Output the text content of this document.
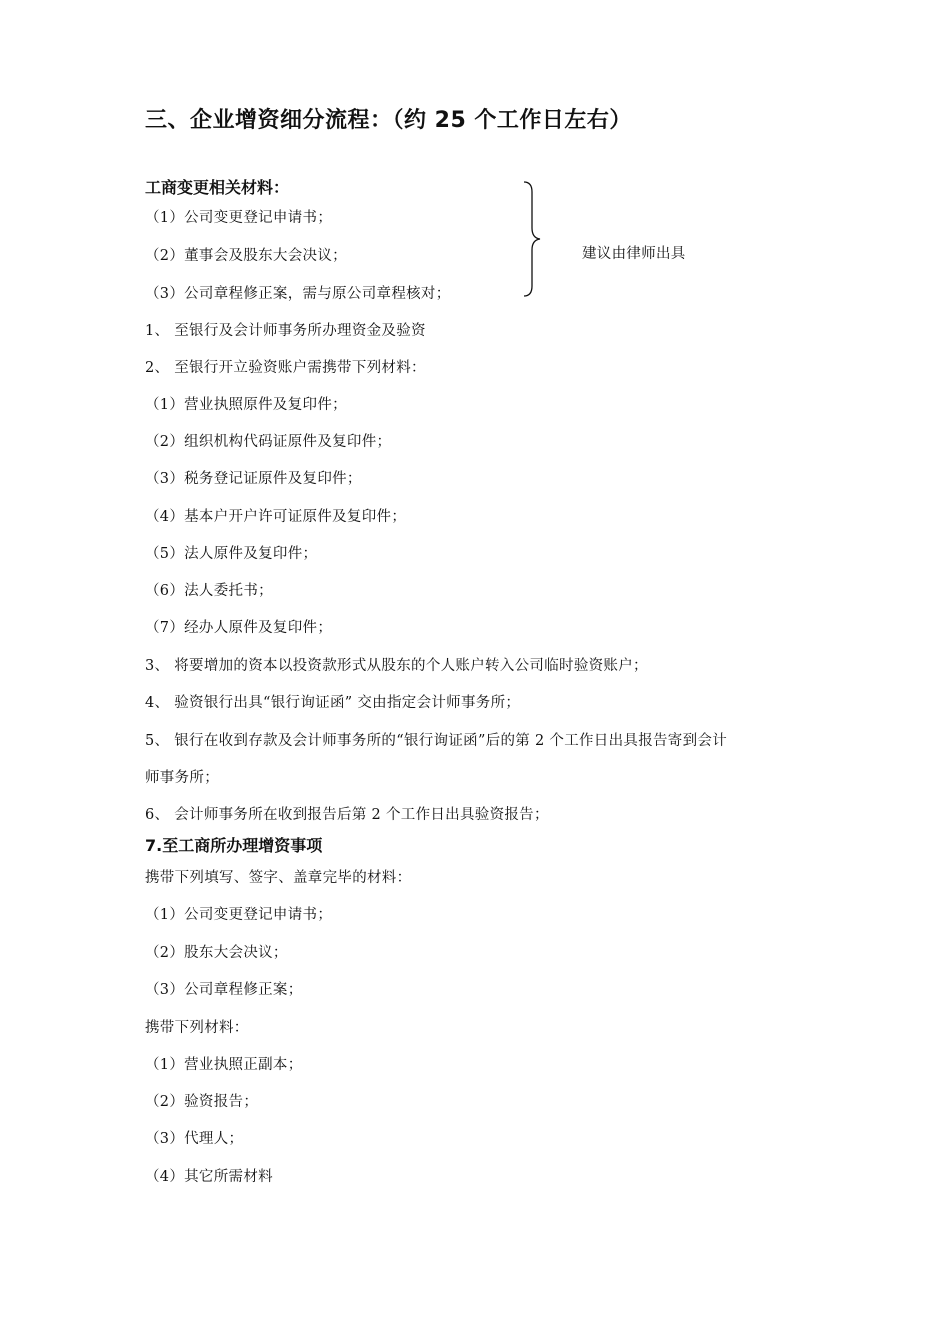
三、企业增资细分流程：（约 25 个工作日左右）
工商变更相关材料：
（1）公司变更登记申请书；
（2）董事会及股东大会决议；
（3）公司章程修正案，需与原公司章程核对；
建议由律师出具
1、 至银行及会计师事务所办理资金及验资
2、 至银行开立验资账户需携带下列材料：
（1）营业执照原件及复印件；
（2）组织机构代码证原件及复印件；
（3）税务登记证原件及复印件；
（4）基本户开户许可证原件及复印件；
（5）法人原件及复印件；
（6）法人委托书；
（7）经办人原件及复印件；
3、 将要增加的资本以投资款形式从股东的个人账户转入公司临时验资账户；
4、 验资银行出具“银行询证函” 交由指定会计师事务所；
5、 银行在收到存款及会计师事务所的“银行询证函”后的第 2 个工作日出具报告寄到会计
师事务所；
6、 会计师事务所在收到报告后第 2 个工作日出具验资报告；
7.至工商所办理增资事项
携带下列填写、签字、盖章完毕的材料：
（1）公司变更登记申请书；
（2）股东大会决议；
（3）公司章程修正案；
携带下列材料：
（1）营业执照正副本；
（2）验资报告；
（3）代理人；
（4）其它所需材料
